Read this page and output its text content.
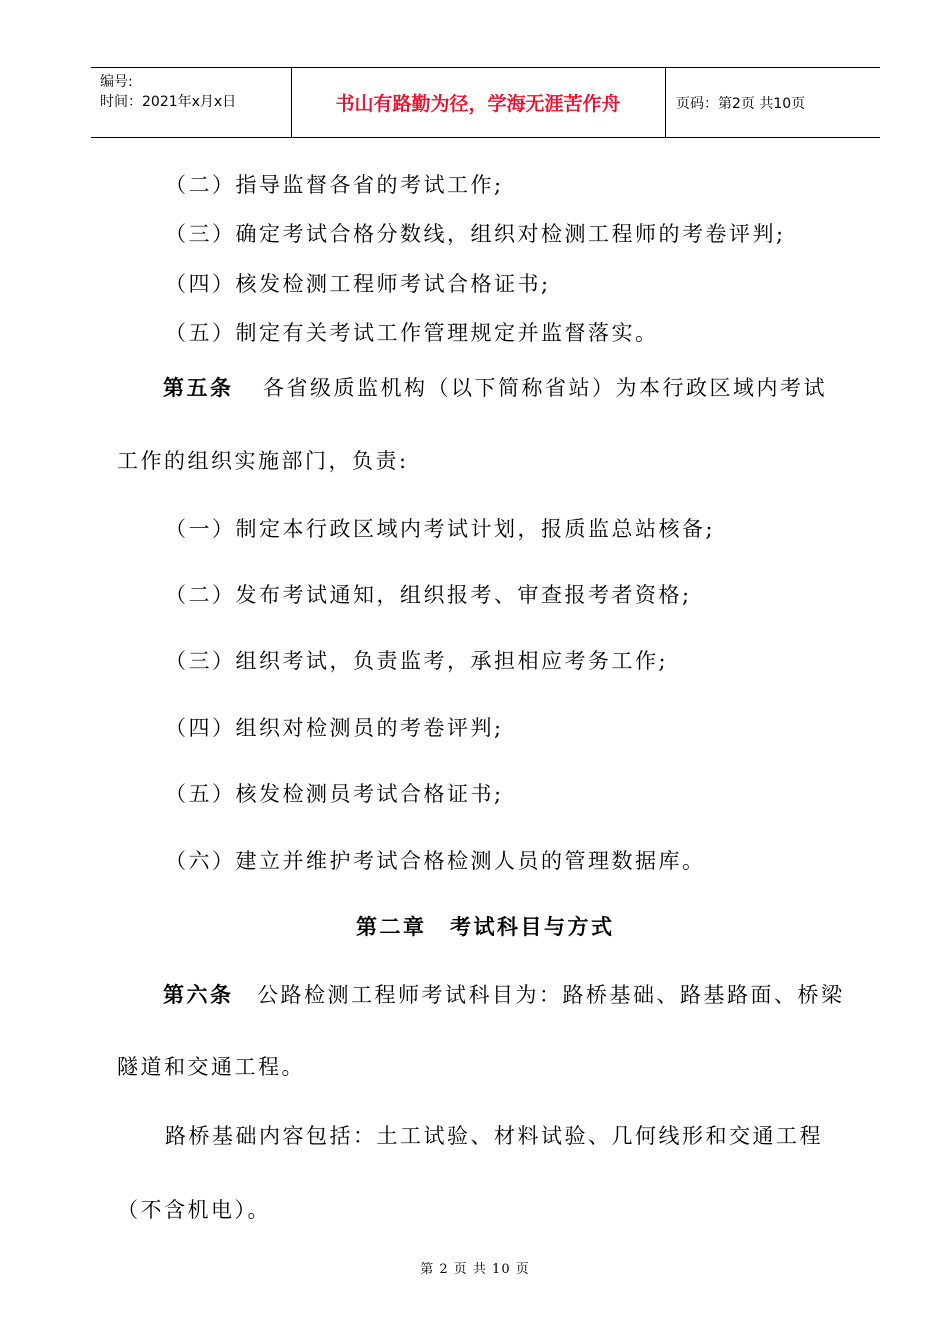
编号:
时间：2021年x月x日	书山有路勤为径，学海无涯苦作舟	页码：第2页 共10页
（二）指导监督各省的考试工作;
（三）确定考试合格分数线，组织对检测工程师的考卷评判;
（四）核发检测工程师考试合格证书;
（五）制定有关考试工作管理规定并监督落实。
第五条 各省级质监机构（以下简称省站）为本行政区域内考试
工作的组织实施部门，负责:
（一）制定本行政区域内考试计划，报质监总站核备;
（二）发布考试通知，组织报考、审查报考者资格;
（三）组织考试，负责监考，承担相应考务工作;
（四）组织对检测员的考卷评判;
（五）核发检测员考试合格证书;
（六）建立并维护考试合格检测人员的管理数据库。
第二章　考试科目与方式
第六条 公路检测工程师考试科目为：路桥基础、路基路面、桥梁
隧道和交通工程。
路桥基础内容包括：土工试验、材料试验、几何线形和交通工程
（不含机电）。
第 2 页 共 10 页
